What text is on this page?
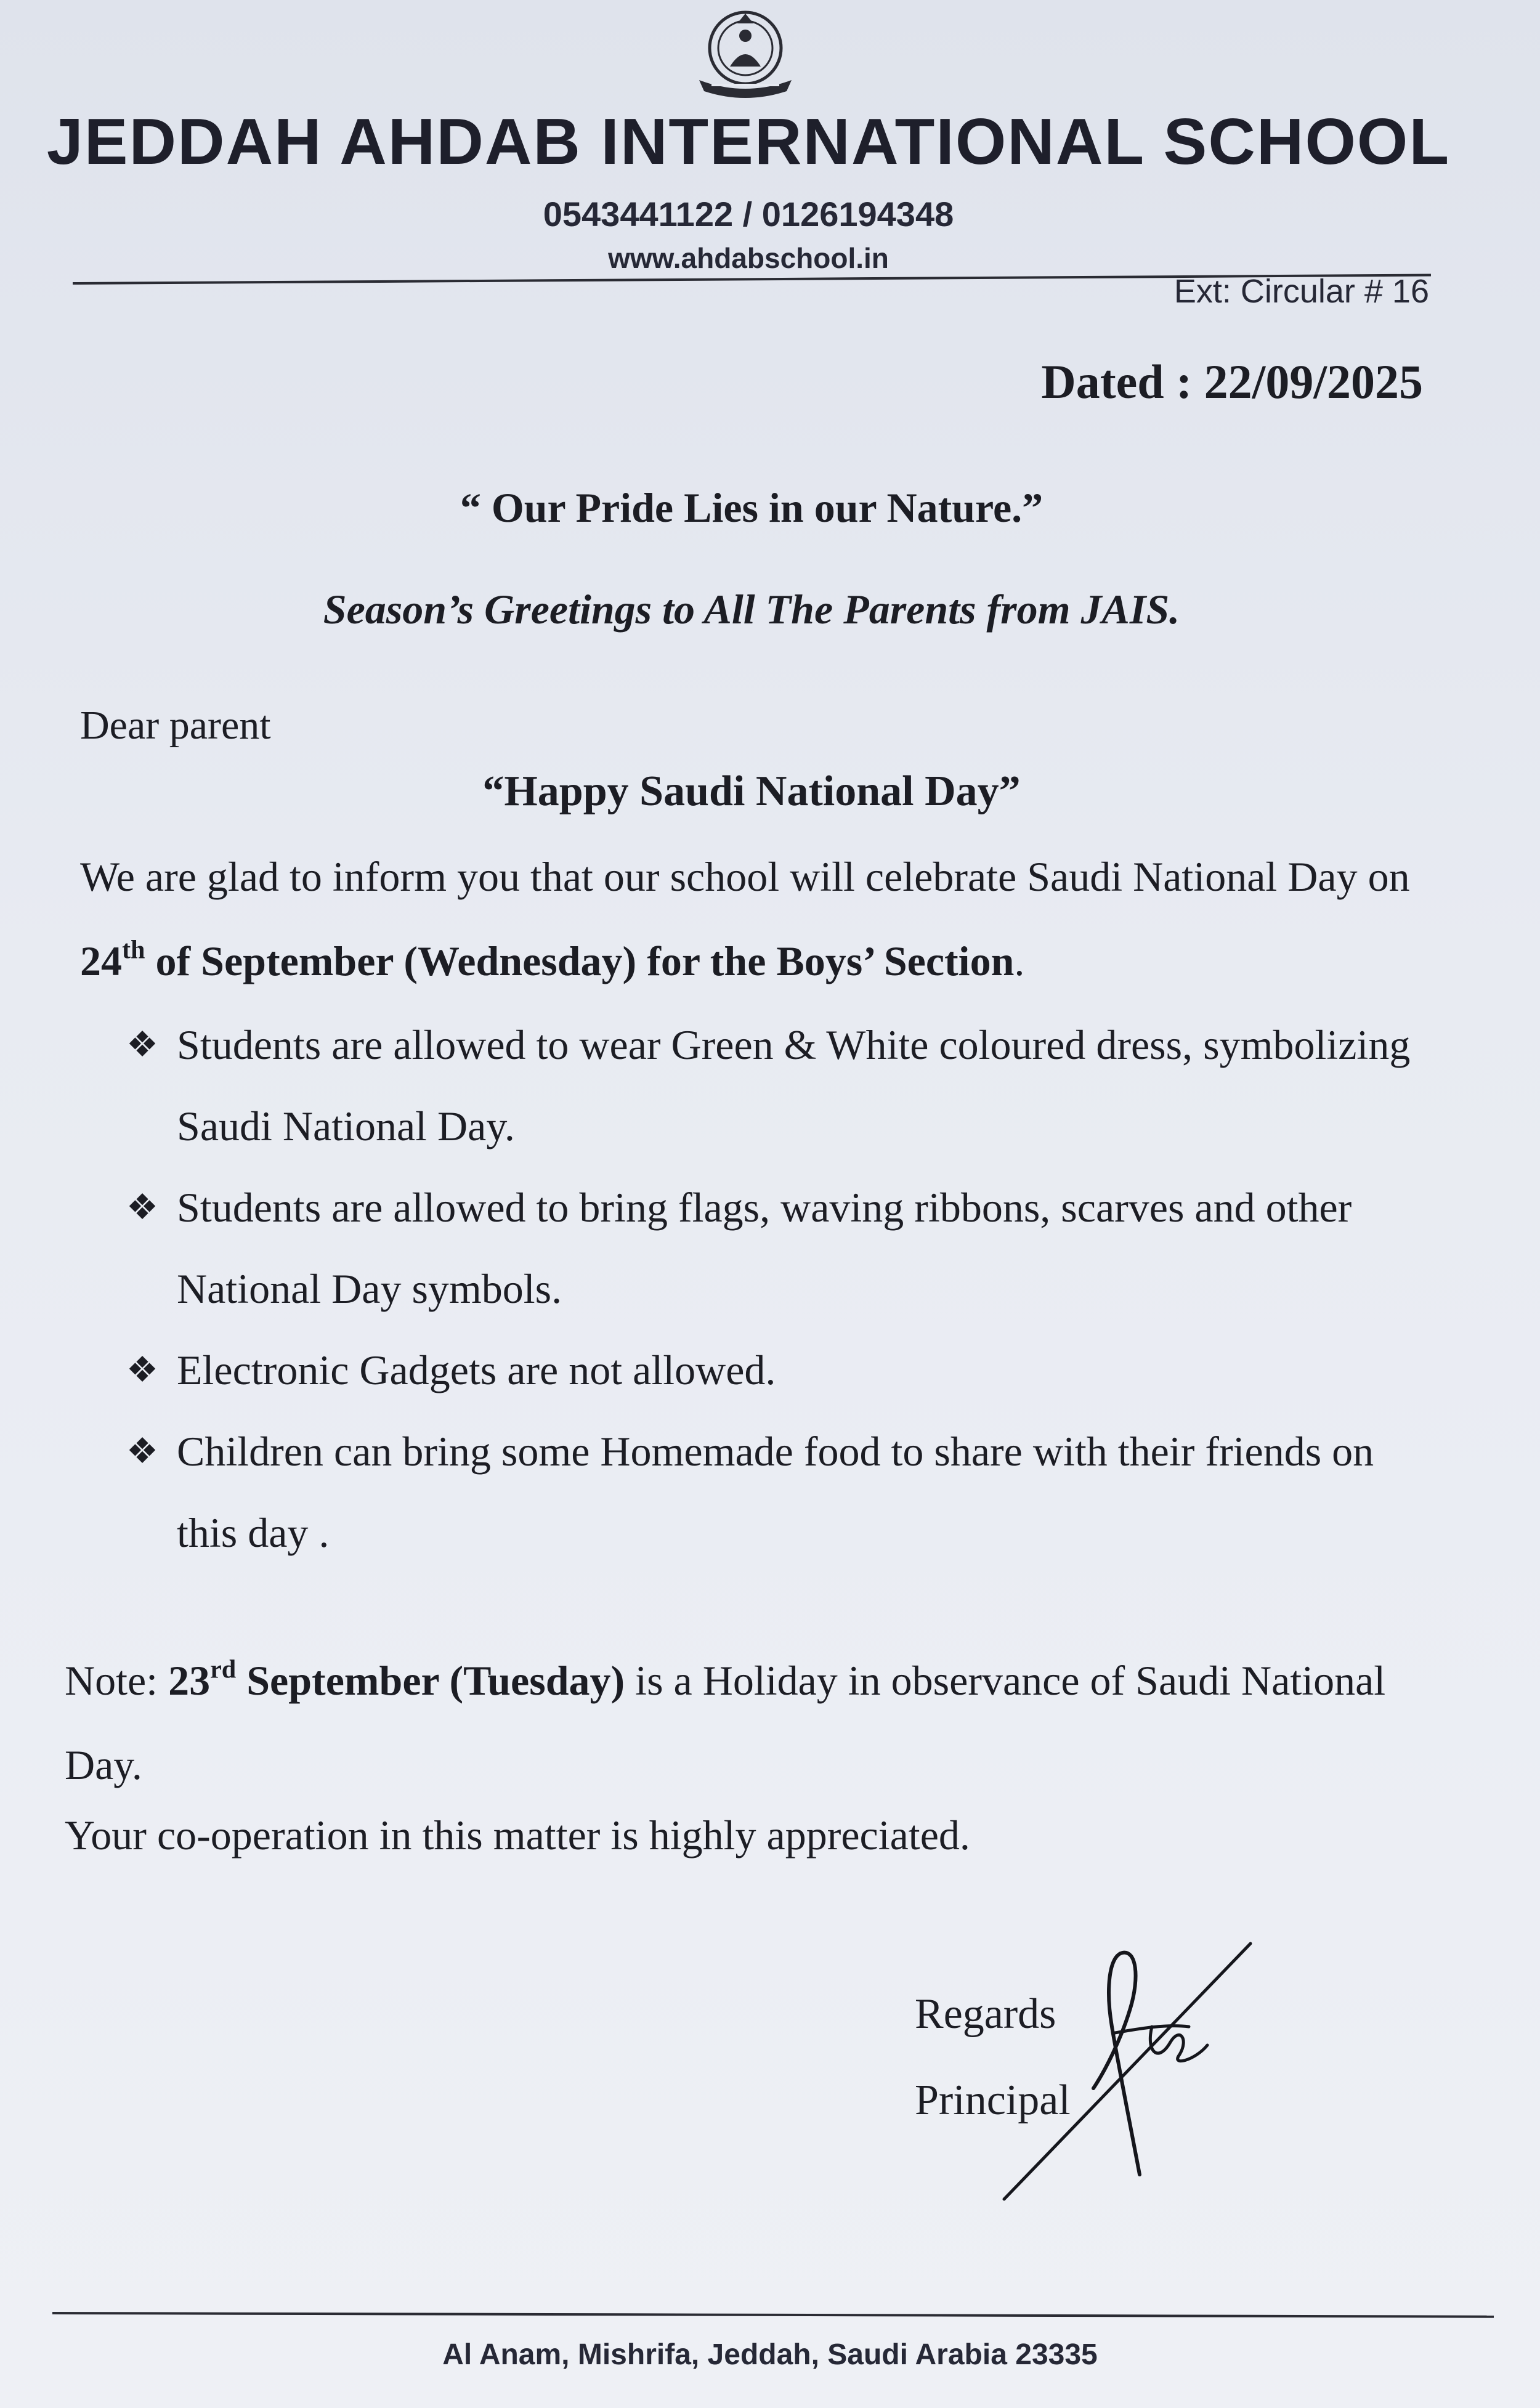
JEDDAH AHDAB INTERNATIONAL SCHOOL
0543441122 / 0126194348
www.ahdabschool.in
Ext: Circular # 16
Dated : 22/09/2025
“ Our Pride Lies in our Nature.”
Season’s Greetings to All The Parents from JAIS.
Dear parent
“Happy Saudi National Day”
We are glad to inform you that our school will celebrate Saudi National Day on 24th of September (Wednesday) for the Boys’ Section.
❖ Students are allowed to wear Green & White coloured dress, symbolizing Saudi National Day.
❖ Students are allowed to bring flags, waving ribbons, scarves and other National Day symbols.
❖ Electronic Gadgets are not allowed.
❖ Children can bring some Homemade food to share with their friends on this day .
Note: 23rd September (Tuesday) is a Holiday in observance of Saudi National Day.
Your co-operation in this matter is highly appreciated.
Regards
Principal
Al Anam, Mishrifa, Jeddah, Saudi Arabia 23335
